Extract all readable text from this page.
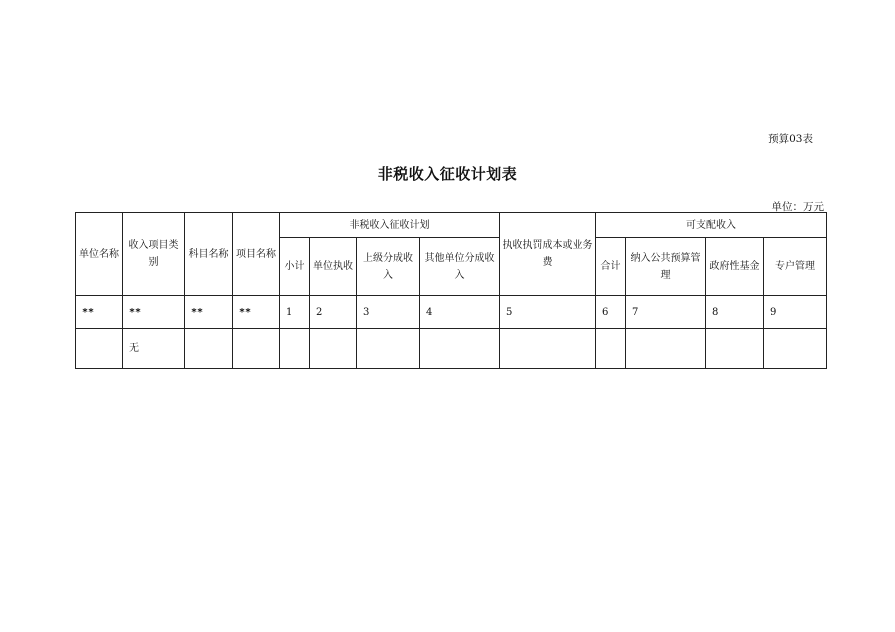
预算03表
非税收入征收计划表
单位：万元
单位名称	收入项目类别	科目名称	项目名称	非税收入征收计划				执收执罚成本或业务费	可支配收入			
				小计	单位执收	上级分成收入	其他单位分成收入		合计	纳入公共预算管理	政府性基金	专户管理
**	**	**	**	1	2	3	4	5	6	7	8	9
	无											
